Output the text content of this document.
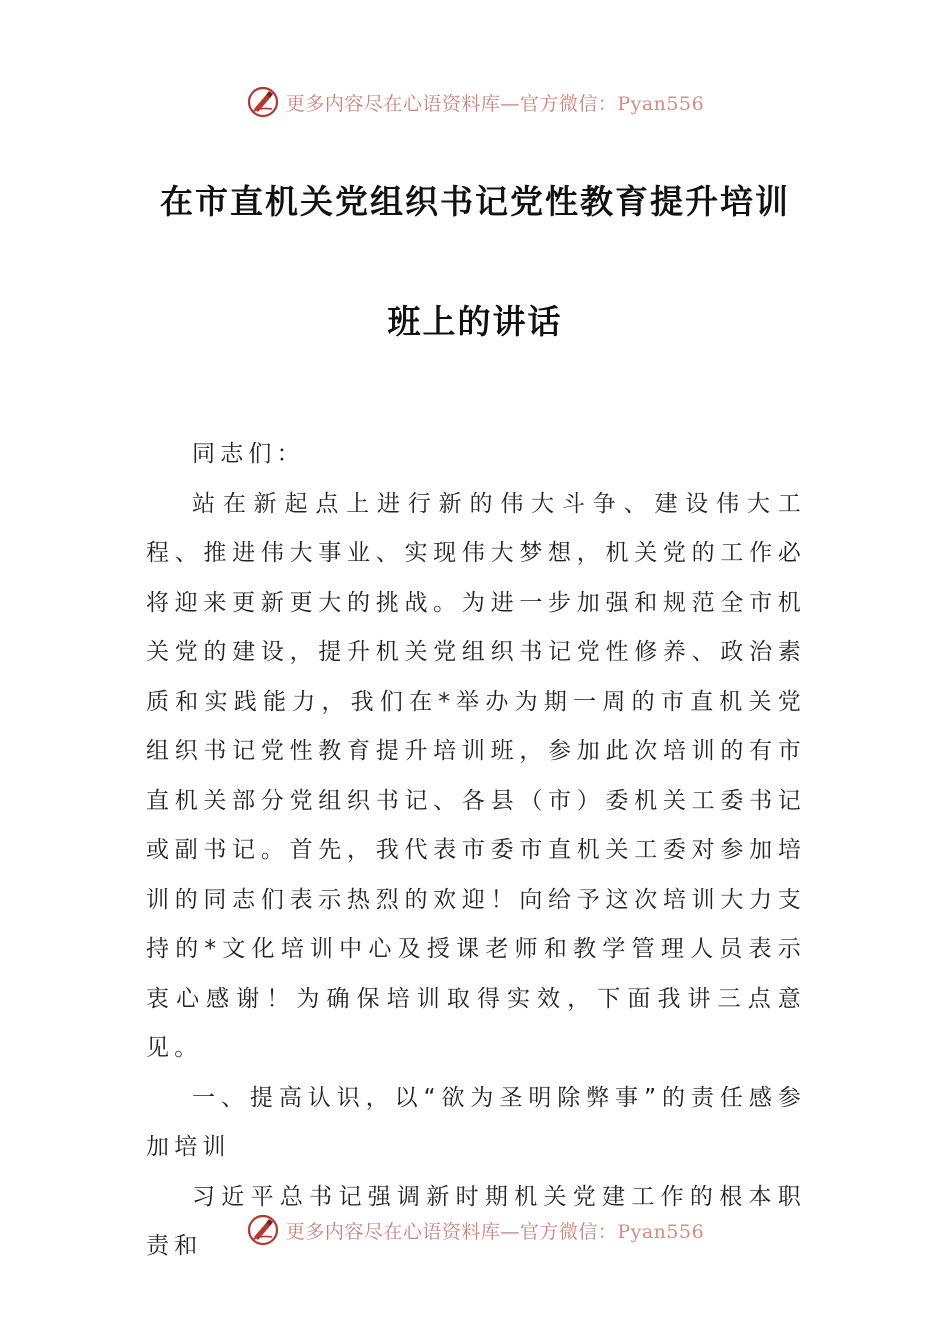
更多内容尽在心语资料库—官方微信：Pyan556
在市直机关党组织书记党性教育提升培训
班上的讲话

同志们：

站在新起点上进行新的伟大斗争、建设伟大工程、推进伟大事业、实现伟大梦想，机关党的工作必将迎来更新更大的挑战。为进一步加强和规范全市机关党的建设，提升机关党组织书记党性修养、政治素质和实践能力，我们在*举办为期一周的市直机关党组织书记党性教育提升培训班，参加此次培训的有市直机关部分党组织书记、各县（市）委机关工委书记或副书记。首先，我代表市委市直机关工委对参加培训的同志们表示热烈的欢迎！向给予这次培训大力支持的*文化培训中心及授课老师和教学管理人员表示衷心感谢！为确保培训取得实效，下面我讲三点意见。

一、提高认识，以“欲为圣明除弊事”的责任感参加培训

习近平总书记强调新时期机关党建工作的根本职责和

更多内容尽在心语资料库—官方微信：Pyan556
